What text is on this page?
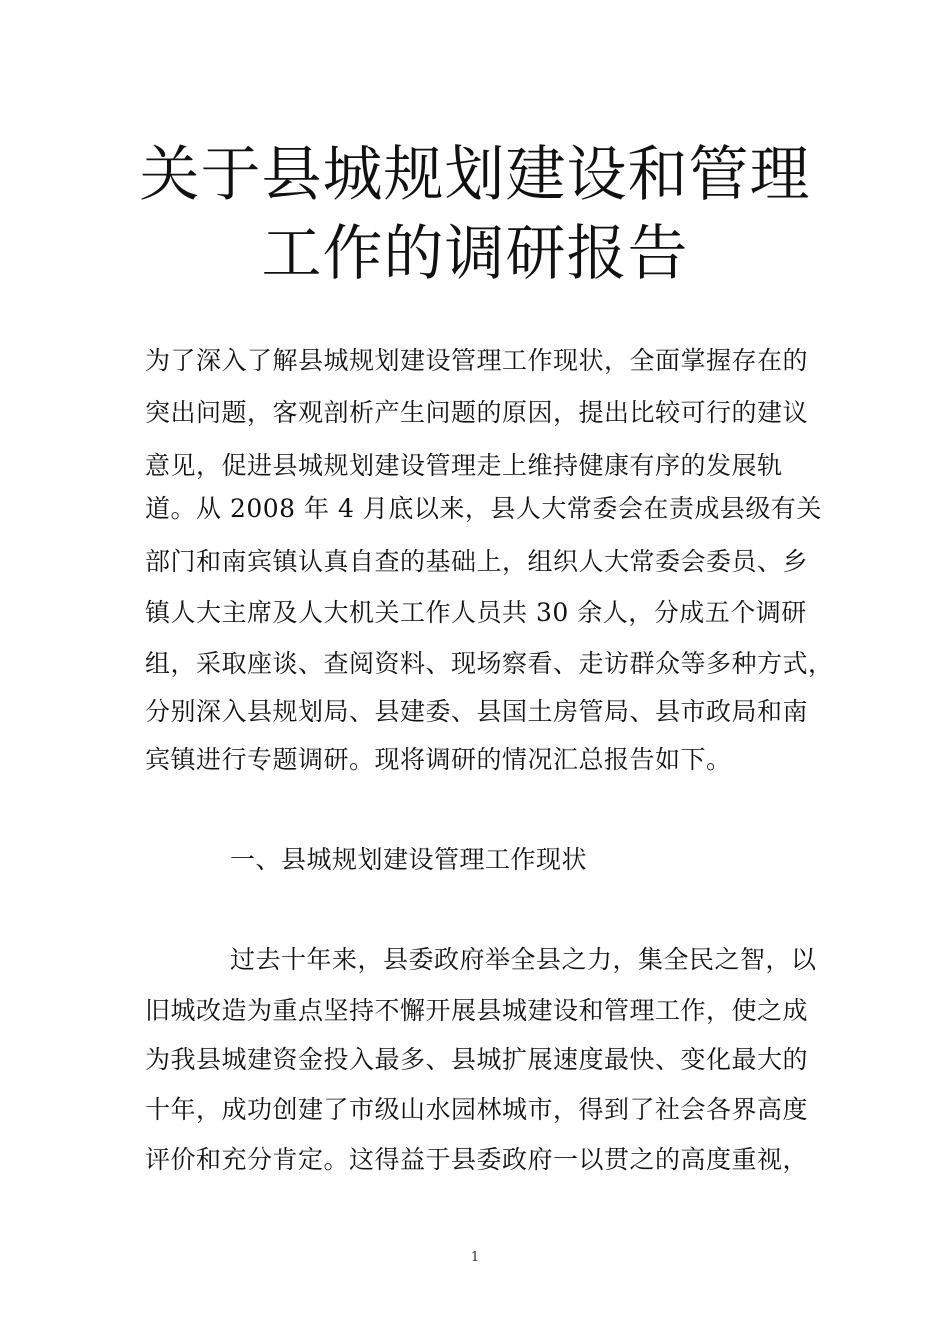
关于县城规划建设和管理
工作的调研报告
为了深入了解县城规划建设管理工作现状，全面掌握存在的
突出问题，客观剖析产生问题的原因，提出比较可行的建议
意见，促进县城规划建设管理走上维持健康有序的发展轨
道。从 2008 年 4 月底以来，县人大常委会在责成县级有关
部门和南宾镇认真自查的基础上，组织人大常委会委员、乡
镇人大主席及人大机关工作人员共 30 余人，分成五个调研
组，采取座谈、查阅资料、现场察看、走访群众等多种方式，
分别深入县规划局、县建委、县国土房管局、县市政局和南
宾镇进行专题调研。现将调研的情况汇总报告如下。
一、县城规划建设管理工作现状
过去十年来，县委政府举全县之力，集全民之智，以
旧城改造为重点坚持不懈开展县城建设和管理工作，使之成
为我县城建资金投入最多、县城扩展速度最快、变化最大的
十年，成功创建了市级山水园林城市，得到了社会各界高度
评价和充分肯定。这得益于县委政府一以贯之的高度重视，
1
